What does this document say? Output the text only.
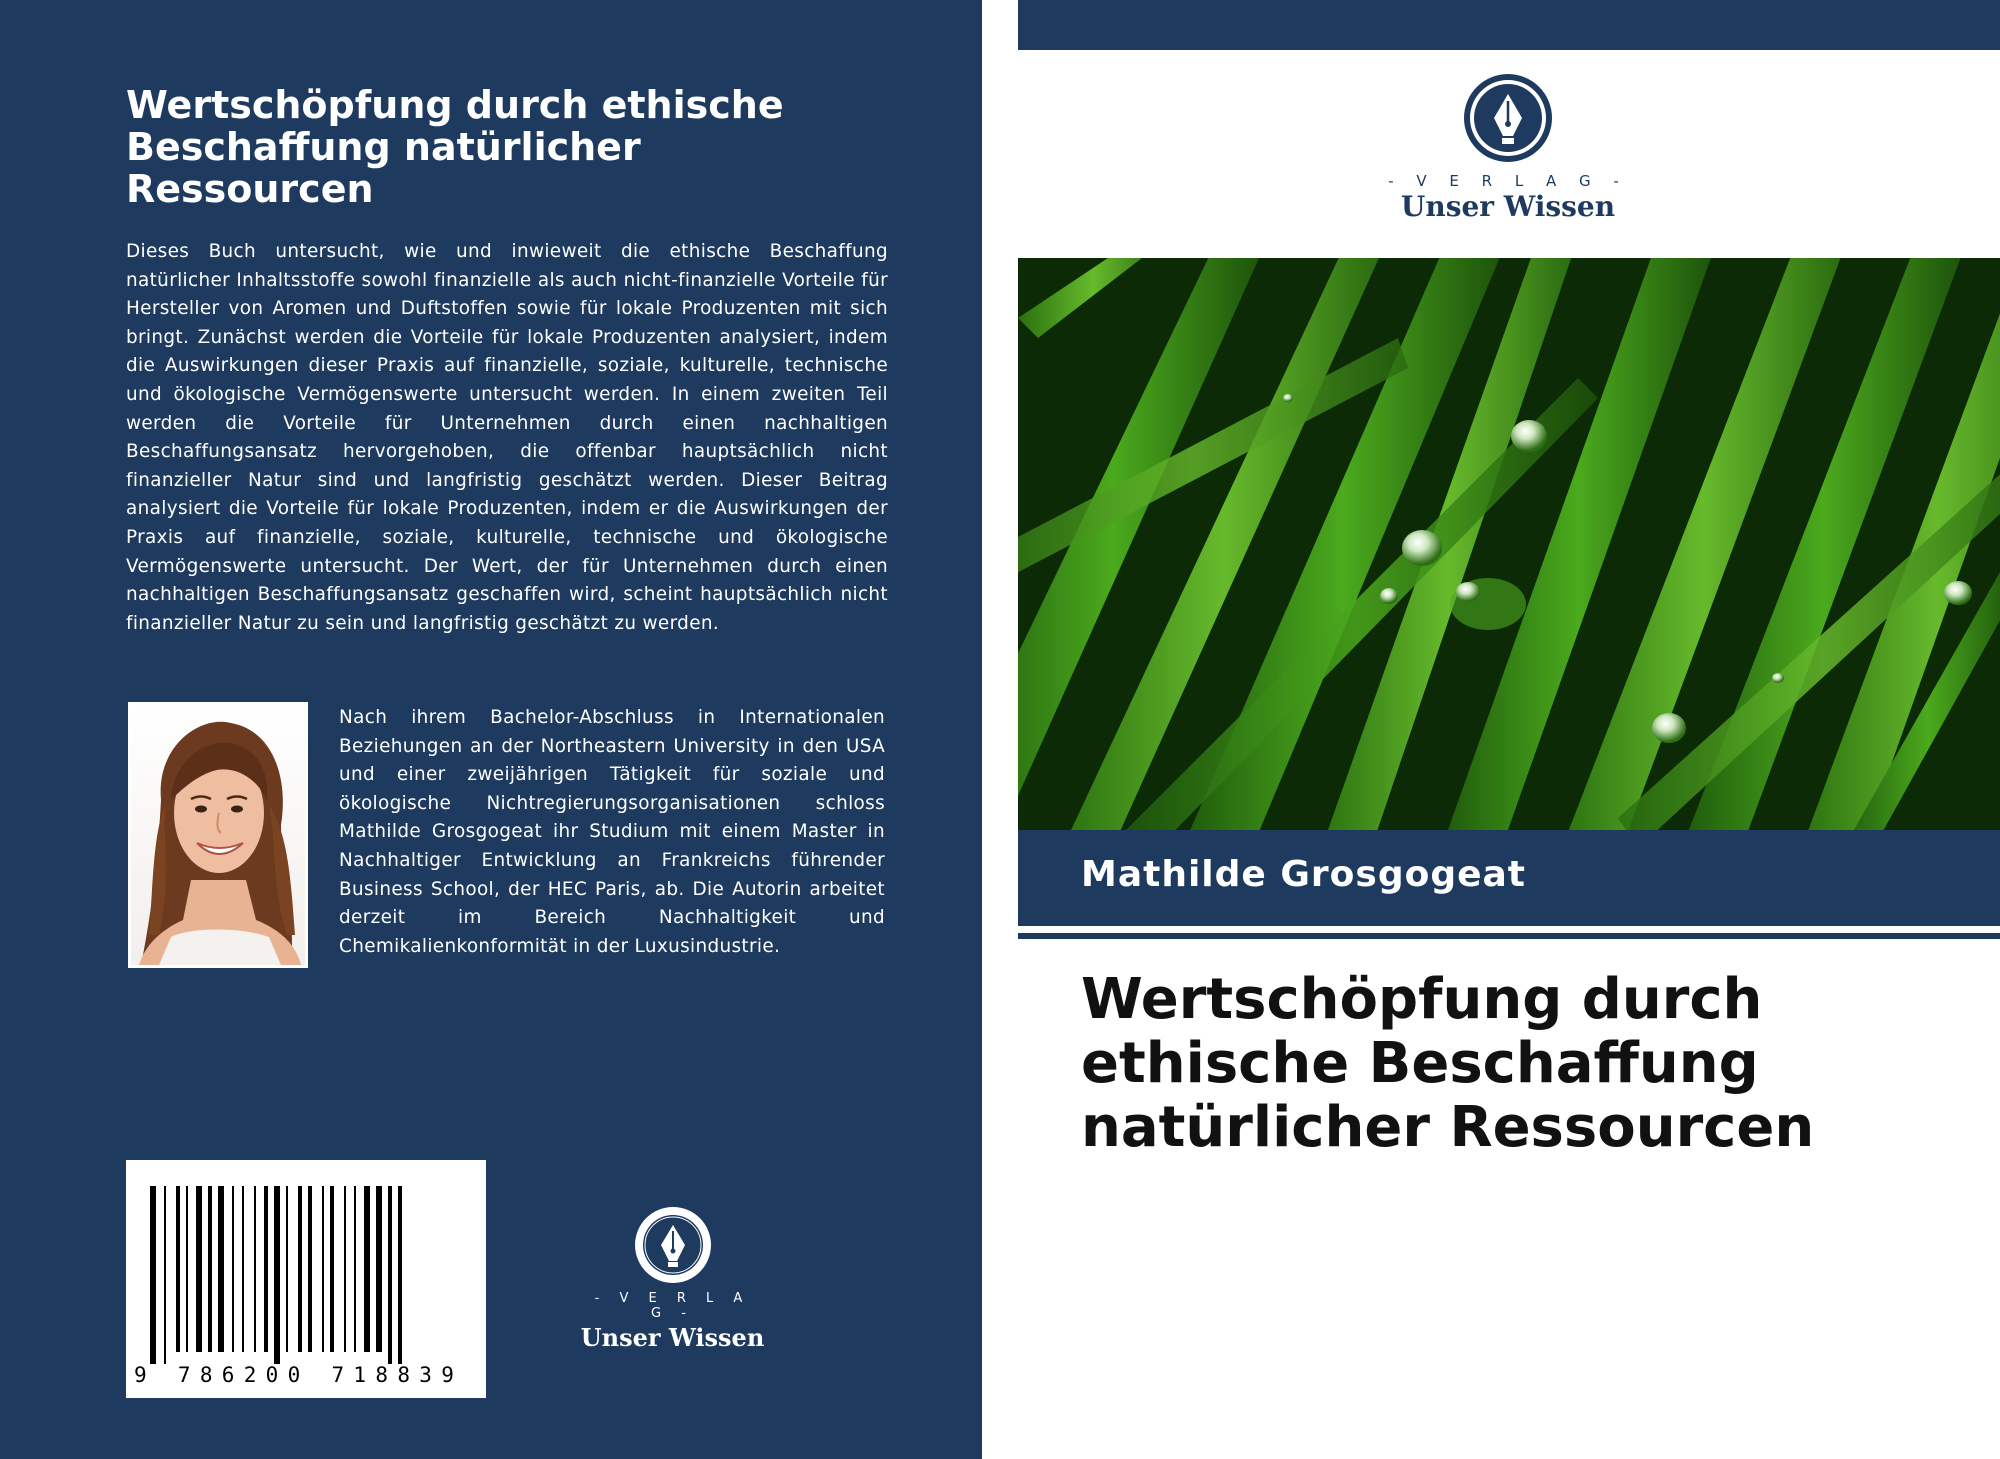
Wertschöpfung durch ethische Beschaffung natürlicher Ressourcen

Dieses Buch untersucht, wie und inwieweit die ethische Beschaffung natürlicher Inhaltsstoffe sowohl finanzielle als auch nicht-finanzielle Vorteile für Hersteller von Aromen und Duftstoffen sowie für lokale Produzenten mit sich bringt. Zunächst werden die Vorteile für lokale Produzenten analysiert, indem die Auswirkungen dieser Praxis auf finanzielle, soziale, kulturelle, technische und ökologische Vermögenswerte untersucht werden. In einem zweiten Teil werden die Vorteile für Unternehmen durch einen nachhaltigen Beschaffungsansatz hervorgehoben, die offenbar hauptsächlich nicht finanzieller Natur sind und langfristig geschätzt werden. Dieser Beitrag analysiert die Vorteile für lokale Produzenten, indem er die Auswirkungen der Praxis auf finanzielle, soziale, kulturelle, technische und ökologische Vermögenswerte untersucht. Der Wert, der für Unternehmen durch einen nachhaltigen Beschaffungsansatz geschaffen wird, scheint hauptsächlich nicht finanzieller Natur zu sein und langfristig geschätzt zu werden.

Nach ihrem Bachelor-Abschluss in Internationalen Beziehungen an der Northeastern University in den USA und einer zweijährigen Tätigkeit für soziale und ökologische Nichtregierungsorganisationen schloss Mathilde Grosgogeat ihr Studium mit einem Master in Nachhaltiger Entwicklung an Frankreichs führender Business School, der HEC Paris, ab. Die Autorin arbeitet derzeit im Bereich Nachhaltigkeit und Chemikalienkonformität in der Luxusindustrie.

9 786200 718839
- V E R L A G -
Unser Wissen
- V E R L A G -
Unser Wissen
Mathilde Grosgogeat
Wertschöpfung durch ethische Beschaffung natürlicher Ressourcen
